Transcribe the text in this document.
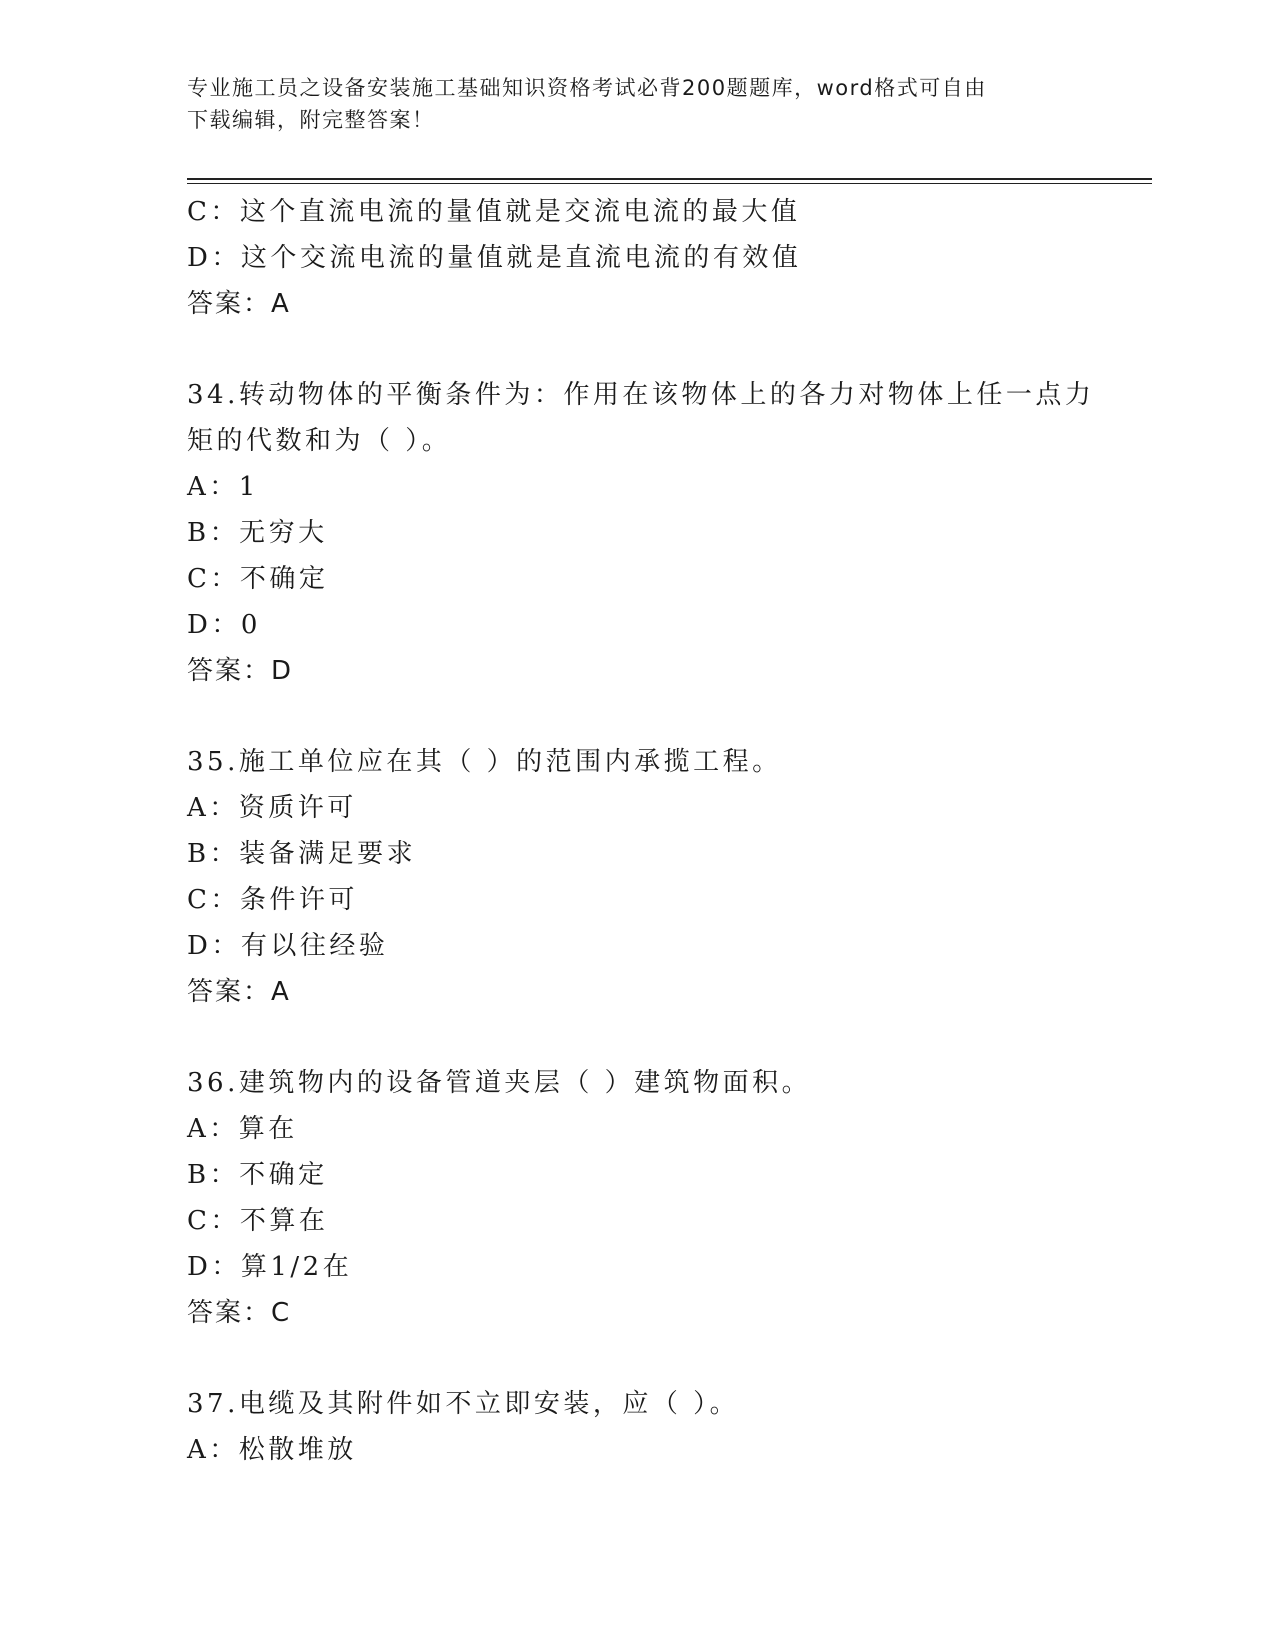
专业施工员之设备安装施工基础知识资格考试必背200题题库，word格式可自由
下载编辑，附完整答案！

C：这个直流电流的量值就是交流电流的最大值

D：这个交流电流的量值就是直流电流的有效值

答案：A

34.转动物体的平衡条件为：作用在该物体上的各力对物体上任一点力

矩的代数和为（ ）。

A：1

B：无穷大

C：不确定

D：0

答案：D

35.施工单位应在其（ ）的范围内承揽工程。

A：资质许可

B：装备满足要求

C：条件许可

D：有以往经验

答案：A

36.建筑物内的设备管道夹层（ ）建筑物面积。

A：算在

B：不确定

C：不算在

D：算1/2在

答案：C

37.电缆及其附件如不立即安装，应（ ）。

A：松散堆放
